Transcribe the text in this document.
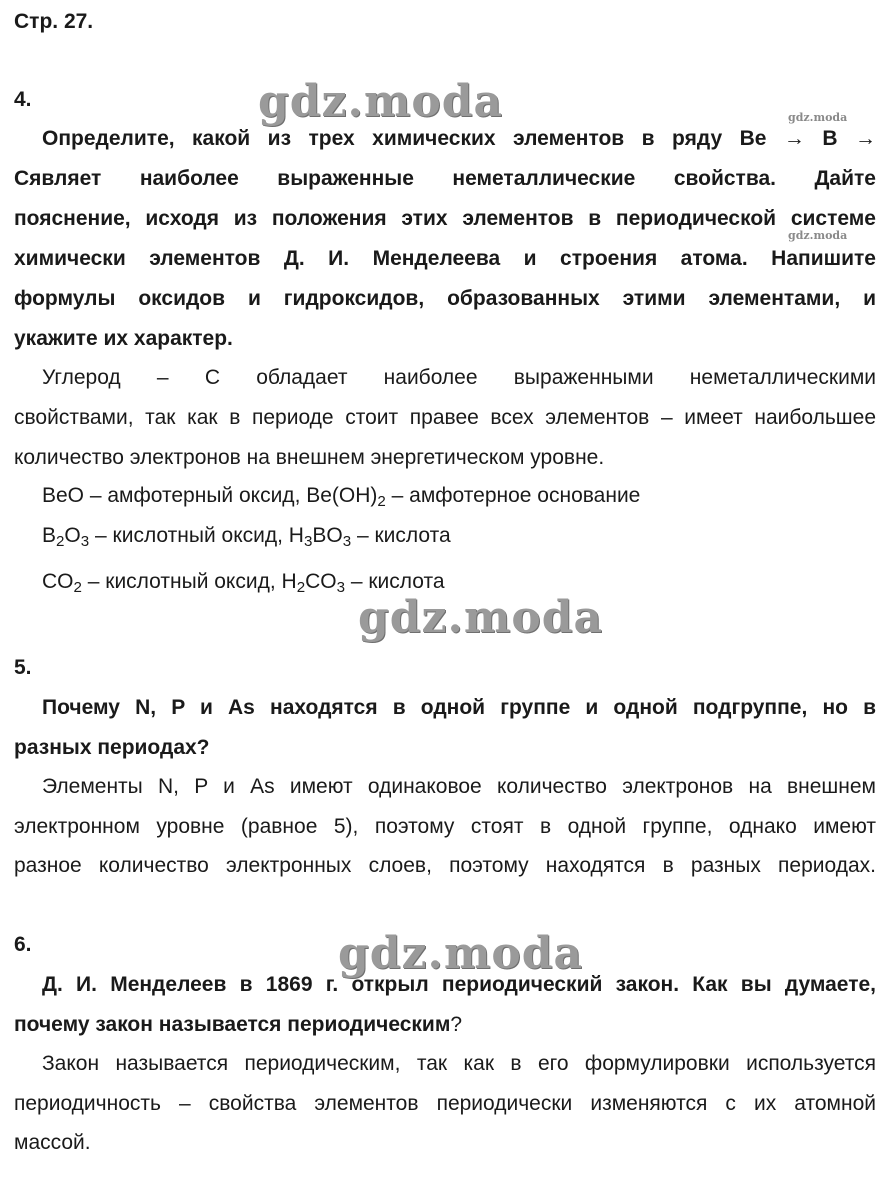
Стр. 27.
4.
Определите, какой из трех химических элементов в ряду Be → B →
Cявляет наиболее выраженные неметаллические свойства. Дайте
пояснение, исходя из положения этих элементов в периодической системе
химически элементов Д. И. Менделеева и строения атома. Напишите
формулы оксидов и гидроксидов, образованных этими элементами, и
укажите их характер.
Углерод – С обладает наиболее выраженными неметаллическими
свойствами, так как в периоде стоит правее всех элементов – имеет наибольшее
количество электронов на внешнем энергетическом уровне.
BeO – амфотерный оксид, $Be(OH)_2$ – амфотерное основание
$B_2O_3$ – кислотный оксид, $H_3BO_3$ – кислота
$CO_2$ – кислотный оксид, $H_2CO_3$ – кислота
5.
Почему N, P и As находятся в одной группе и одной подгруппе, но в
разных периодах?
Элементы N, P и As имеют одинаковое количество электронов на внешнем
электронном уровне (равное 5), поэтому стоят в одной группе, однако имеют
разное количество электронных слоев, поэтому находятся в разных периодах.
6.
Д. И. Менделеев в 1869 г. открыл периодический закон. Как вы думаете,
почему закон называется периодическим?
Закон называется периодическим, так как в его формулировки используется
периодичность – свойства элементов периодически изменяются с их атомной
массой.
gdz.moda
gdz.moda
gdz.moda
gdz.moda
gdz.moda
